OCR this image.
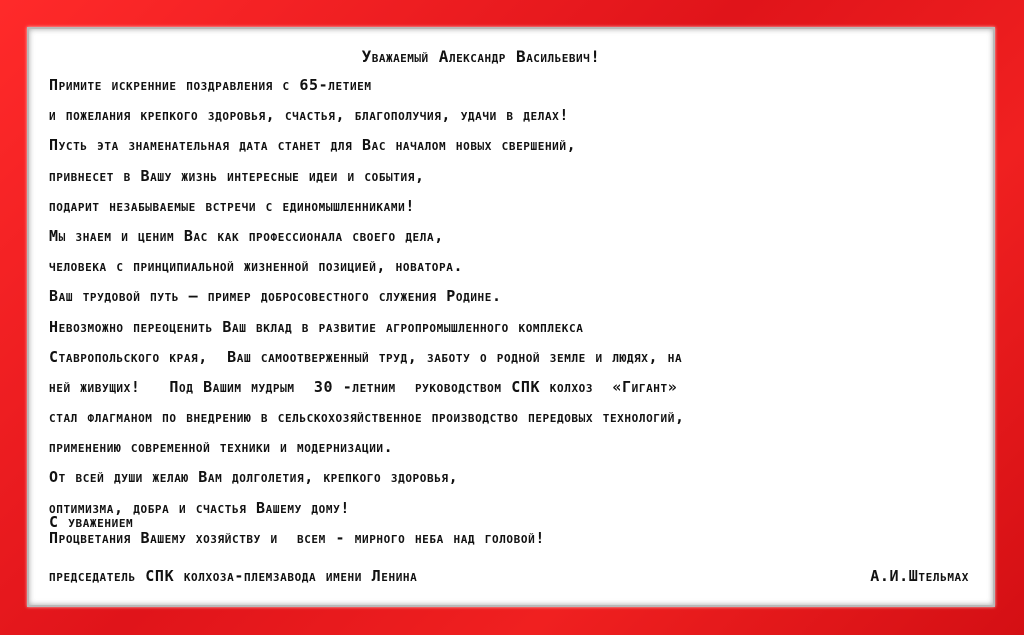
Уважаемый Александр Васильевич!
Примите искренние поздравления с 65-летием
и пожелания крепкого здоровья, счастья, благополучия, удачи в делах!
Пусть эта знаменательная дата станет для Вас началом новых свершений,
привнесет в Вашу жизнь интересные идеи и события,
подарит незабываемые встречи с единомышленниками!
Мы знаем и ценим Вас как профессионала своего дела,
человека с принципиальной жизненной позицией, новатора.
Ваш трудовой путь — пример добросовестного служения Родине.
Невозможно переоценить Ваш вклад в развитие агропромышленного комплекса
Ставропольского края,  Ваш самоотверженный труд, заботу о родной земле и людях, на
ней живущих!   Под Вашим мудрым  30 -летним  руководством СПК колхоз  «Гигант»
стал флагманом по внедрению в сельскохозяйственное производство передовых технологий,
применению современной техники и модернизации.
От всей души желаю Вам долголетия, крепкого здоровья,
оптимизма, добра и счастья Вашему дому!
Процветания Вашему хозяйству и  всем - мирного неба над головой!
С уважением
председатель СПК колхоза-племзавода имени Ленина	А.И.Штельмах
